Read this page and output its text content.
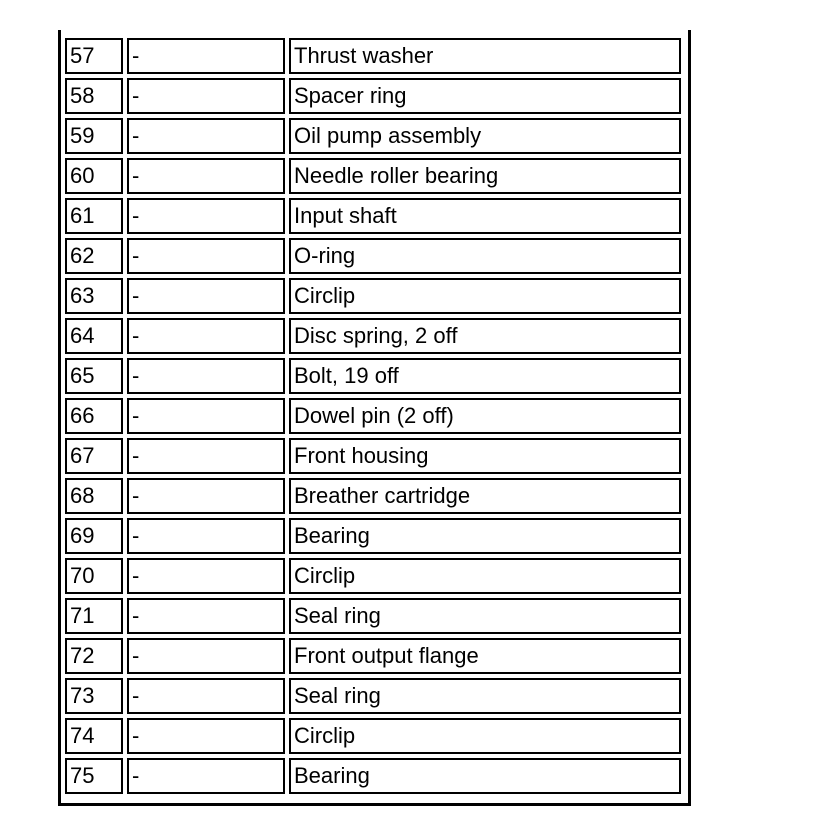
57	-	Thrust washer
58	-	Spacer ring
59	-	Oil pump assembly
60	-	Needle roller bearing
61	-	Input shaft
62	-	O-ring
63	-	Circlip
64	-	Disc spring, 2 off
65	-	Bolt, 19 off
66	-	Dowel pin (2 off)
67	-	Front housing
68	-	Breather cartridge
69	-	Bearing
70	-	Circlip
71	-	Seal ring
72	-	Front output flange
73	-	Seal ring
74	-	Circlip
75	-	Bearing
